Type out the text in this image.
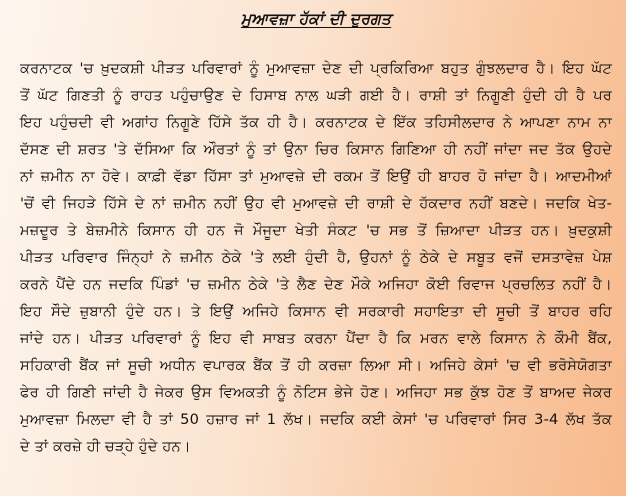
ਮੁਆਵਜ਼ਾ ਹੱਕਾਂ ਦੀ ਦੁਰਗਤ
ਕਰਨਾਟਕ 'ਚ ਖ਼ੁਦਕਸ਼ੀ ਪੀੜਤ ਪਰਿਵਾਰਾਂ ਨੂੰ ਮੁਆਵਜ਼ਾ ਦੇਣ ਦੀ ਪ੍ਰਕਿਰਿਆ ਬਹੁਤ ਗੁੰਝਲਦਾਰ ਹੈ। ਇਹ ਘੱਟ
ਤੋਂ ਘੱਟ ਗਿਣਤੀ ਨੂੰ ਰਾਹਤ ਪਹੁੰਚਾਉਣ ਦੇ ਹਿਸਾਬ ਨਾਲ ਘੜੀ ਗਈ ਹੈ। ਰਾਸ਼ੀ ਤਾਂ ਨਿਗੂਣੀ ਹੁੰਦੀ ਹੀ ਹੈ ਪਰ
ਇਹ ਪਹੁੰਚਦੀ ਵੀ ਅਗਾਂਹ ਨਿਗੂਣੇ ਹਿੱਸੇ ਤੱਕ ਹੀ ਹੈ। ਕਰਨਾਟਕ ਦੇ ਇੱਕ ਤਹਿਸੀਲਦਾਰ ਨੇ ਆਪਣਾ ਨਾਮ ਨਾ
ਦੱਸਣ ਦੀ ਸ਼ਰਤ 'ਤੇ ਦੱਸਿਆ ਕਿ ਔਰਤਾਂ ਨੂੰ ਤਾਂ ਉਨਾ ਚਿਰ ਕਿਸਾਨ ਗਿਣਿਆ ਹੀ ਨਹੀਂ ਜਾਂਦਾ ਜਦ ਤੱਕ ਉਹਦੇ
ਨਾਂ ਜ਼ਮੀਨ ਨਾ ਹੋਵੇ। ਕਾਫ਼ੀ ਵੱਡਾ ਹਿੱਸਾ ਤਾਂ ਮੁਆਵਜ਼ੇ ਦੀ ਰਕਮ ਤੋਂ ਇਉਂ ਹੀ ਬਾਹਰ ਹੋ ਜਾਂਦਾ ਹੈ। ਆਦਮੀਆਂ
'ਚੋਂ ਵੀ ਜਿਹੜੇ ਹਿੱਸੇ ਦੇ ਨਾਂ ਜ਼ਮੀਨ ਨਹੀਂ ਉਹ ਵੀ ਮੁਆਵਜ਼ੇ ਦੀ ਰਾਸ਼ੀ ਦੇ ਹੱਕਦਾਰ ਨਹੀਂ ਬਣਦੇ। ਜਦਕਿ ਖੇਤ-
ਮਜ਼ਦੂਰ ਤੇ ਬੇਜ਼ਮੀਨੇ ਕਿਸਾਨ ਹੀ ਹਨ ਜੋ ਮੌਜੂਦਾ ਖੇਤੀ ਸੰਕਟ 'ਚ ਸਭ ਤੋਂ ਜ਼ਿਆਦਾ ਪੀੜਤ ਹਨ। ਖ਼ੁਦਕੁਸ਼ੀ
ਪੀੜਤ ਪਰਿਵਾਰ ਜਿੰਨ੍ਹਾਂ ਨੇ ਜ਼ਮੀਨ ਠੇਕੇ 'ਤੇ ਲਈ ਹੁੰਦੀ ਹੈ, ਉਹਨਾਂ ਨੂੰ ਠੇਕੇ ਦੇ ਸਬੂਤ ਵਜੋਂ ਦਸਤਾਵੇਜ਼ ਪੇਸ਼
ਕਰਨੇ ਪੈਂਦੇ ਹਨ ਜਦਕਿ ਪਿੰਡਾਂ 'ਚ ਜ਼ਮੀਨ ਠੇਕੇ 'ਤੇ ਲੈਣ ਦੇਣ ਮੌਕੇ ਅਜਿਹਾ ਕੋਈ ਰਿਵਾਜ ਪ੍ਰਚਲਿਤ ਨਹੀਂ ਹੈ।
ਇਹ ਸੌਦੇ ਜ਼ੁਬਾਨੀ ਹੁੰਦੇ ਹਨ। ਤੇ ਇਉਂ ਅਜਿਹੇ ਕਿਸਾਨ ਵੀ ਸਰਕਾਰੀ ਸਹਾਇਤਾ ਦੀ ਸੂਚੀ ਤੋਂ ਬਾਹਰ ਰਹਿ
ਜਾਂਦੇ ਹਨ। ਪੀੜਤ ਪਰਿਵਾਰਾਂ ਨੂੰ ਇਹ ਵੀ ਸਾਬਤ ਕਰਨਾ ਪੈਂਦਾ ਹੈ ਕਿ ਮਰਨ ਵਾਲੇ ਕਿਸਾਨ ਨੇ ਕੌਮੀ ਬੈਂਕ,
ਸਹਿਕਾਰੀ ਬੈਂਕ ਜਾਂ ਸੂਚੀ ਅਧੀਨ ਵਪਾਰਕ ਬੈਂਕ ਤੋਂ ਹੀ ਕਰਜ਼ਾ ਲਿਆ ਸੀ। ਅਜਿਹੇ ਕੇਸਾਂ 'ਚ ਵੀ ਭਰੋਸੇਯੋਗਤਾ
ਫੇਰ ਹੀ ਗਿਣੀ ਜਾਂਦੀ ਹੈ ਜੇਕਰ ਉਸ ਵਿਅਕਤੀ ਨੂੰ ਨੋਟਿਸ ਭੇਜੇ ਹੋਣ। ਅਜਿਹਾ ਸਭ ਕੁੱਝ ਹੋਣ ਤੋਂ ਬਾਅਦ ਜੇਕਰ
ਮੁਆਵਜ਼ਾ ਮਿਲਦਾ ਵੀ ਹੈ ਤਾਂ 50 ਹਜ਼ਾਰ ਜਾਂ 1 ਲੱਖ। ਜਦਕਿ ਕਈ ਕੇਸਾਂ 'ਚ ਪਰਿਵਾਰਾਂ ਸਿਰ 3-4 ਲੱਖ ਤੱਕ
ਦੇ ਤਾਂ ਕਰਜ਼ੇ ਹੀ ਚੜ੍ਹੇ ਹੁੰਦੇ ਹਨ।
